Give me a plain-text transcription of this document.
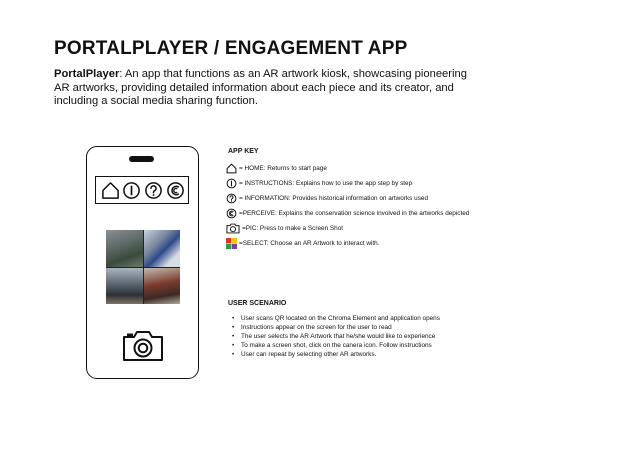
PORTALPLAYER / ENGAGEMENT APP

PortalPlayer: An app that functions as an AR artwork kiosk, showcasing pioneering AR artworks, providing detailed information about each piece and its creator, and including a social media sharing function.

APP KEY
= HOME: Returns to start page
= INSTRUCTIONS: Explains how to use the app step by step
= INFORMATION: Provides historical information on artworks used
=PERCEIVE: Explains the conservation science involved in the artworks depicted
=PIC: Press to make a Screen Shot
=SELECT: Choose an AR Artwork to interact with.
USER SCENARIO
• User scans QR located on the Chroma Element and application opens
• Instructions appear on the screen for the user to read
• The user selects the AR Artwork that he/she would like to experience
• To make a screen shot, click on the canera icon. Follow instructions
• User can repeat by selecting other AR artworks.
